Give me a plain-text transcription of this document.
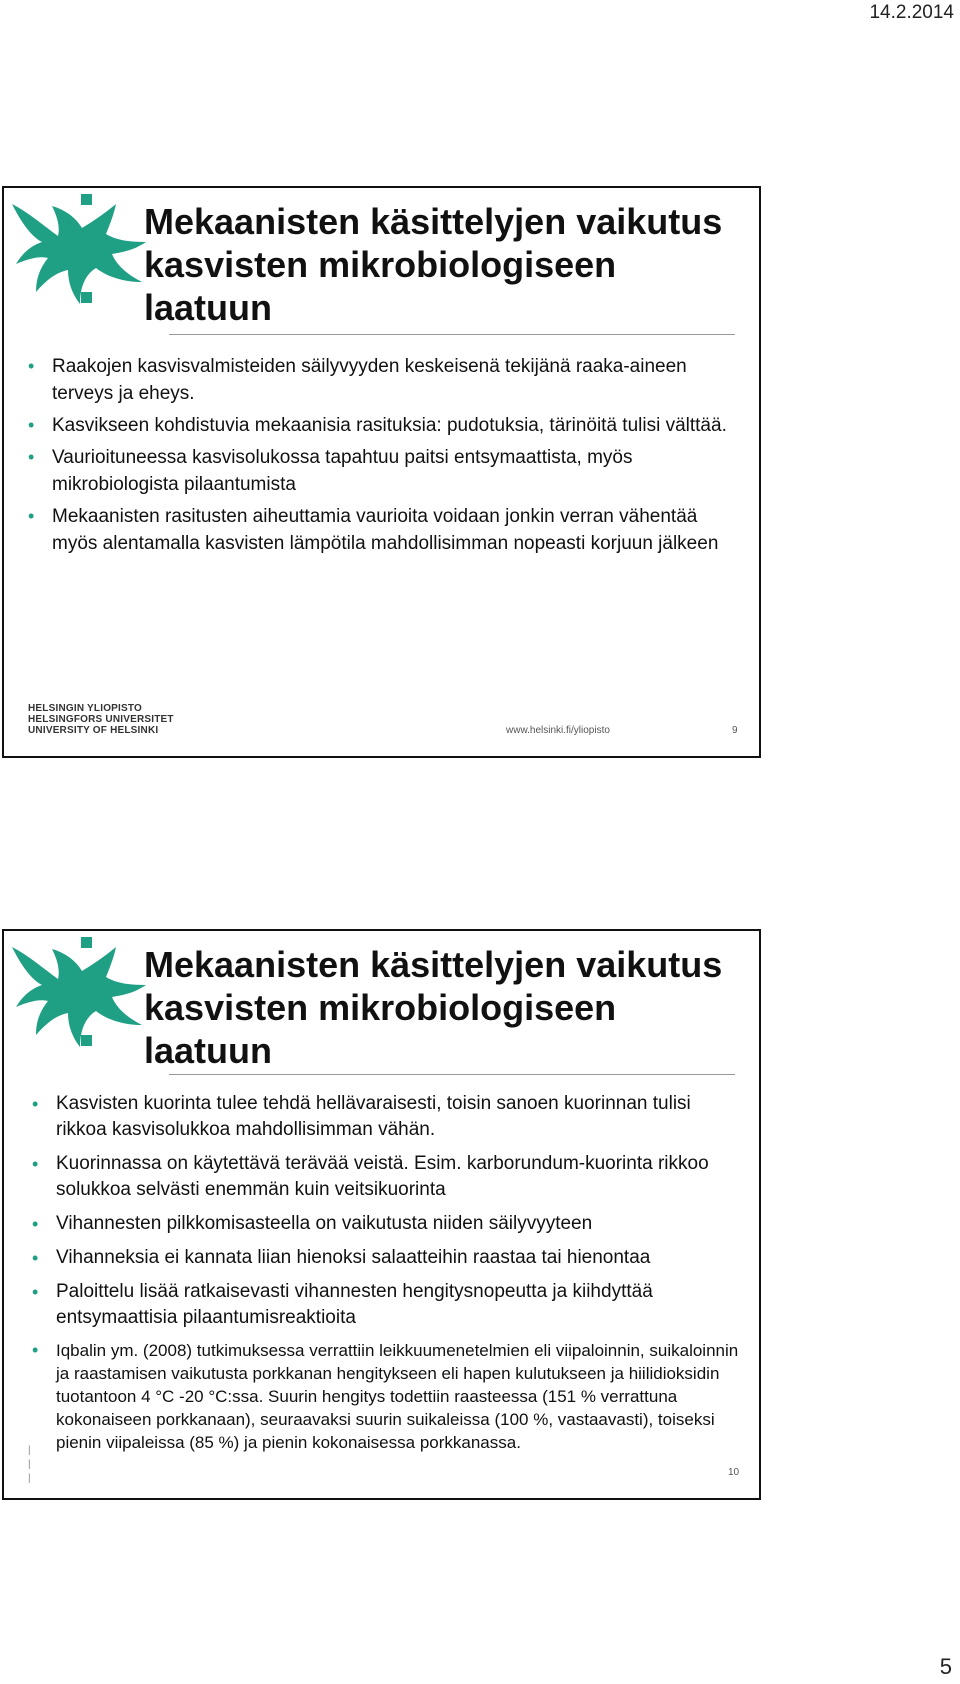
14.2.2014
Mekaanisten käsittelyjen vaikutus
kasvisten mikrobiologiseen laatuun
• Raakojen kasvisvalmisteiden säilyvyyden keskeisenä tekijänä raaka-aineen terveys ja eheys.
• Kasvikseen kohdistuvia mekaanisia rasituksia: pudotuksia, tärinöitä tulisi välttää.
• Vaurioituneessa kasvisolukossa tapahtuu paitsi entsymaattista, myös mikrobiologista pilaantumista
• Mekaanisten rasitusten aiheuttamia vaurioita voidaan jonkin verran vähentää myös alentamalla kasvisten lämpötila mahdollisimman nopeasti korjuun jälkeen
HELSINGIN YLIOPISTO
HELSINGFORS UNIVERSITET
UNIVERSITY OF HELSINKI	www.helsinki.fi/yliopisto	9
Mekaanisten käsittelyjen vaikutus
kasvisten mikrobiologiseen laatuun
• Kasvisten kuorinta tulee tehdä hellävaraisesti, toisin sanoen kuorinnan tulisi rikkoa kasvisolukkoa mahdollisimman vähän.
• Kuorinnassa on käytettävä terävää veistä. Esim. karborundum-kuorinta rikkoo solukkoa selvästi enemmän kuin veitsikuorinta
• Vihannesten pilkkomisasteella on vaikutusta niiden säilyvyyteen
• Vihanneksia ei kannata liian hienoksi salaatteihin raastaa tai hienontaa
• Paloittelu lisää ratkaisevasti vihannesten hengitysnopeutta ja kiihdyttää entsymaattisia pilaantumisreaktioita
• Iqbalin ym. (2008) tutkimuksessa verrattiin leikkuumenetelmien eli viipaloinnin, suikaloinnin ja raastamisen vaikutusta porkkanan hengitykseen eli hapen kulutukseen ja hiilidioksidin tuotantoon 4 °C -20 °C:ssa. Suurin hengitys todettiin raasteessa (151 % verrattuna kokonaiseen porkkanaan), seuraavaksi suurin suikaleissa (100 %, vastaavasti), toiseksi pienin viipaleissa (85 %) ja pienin kokonaisessa porkkanassa.
|
|
|
10
5
